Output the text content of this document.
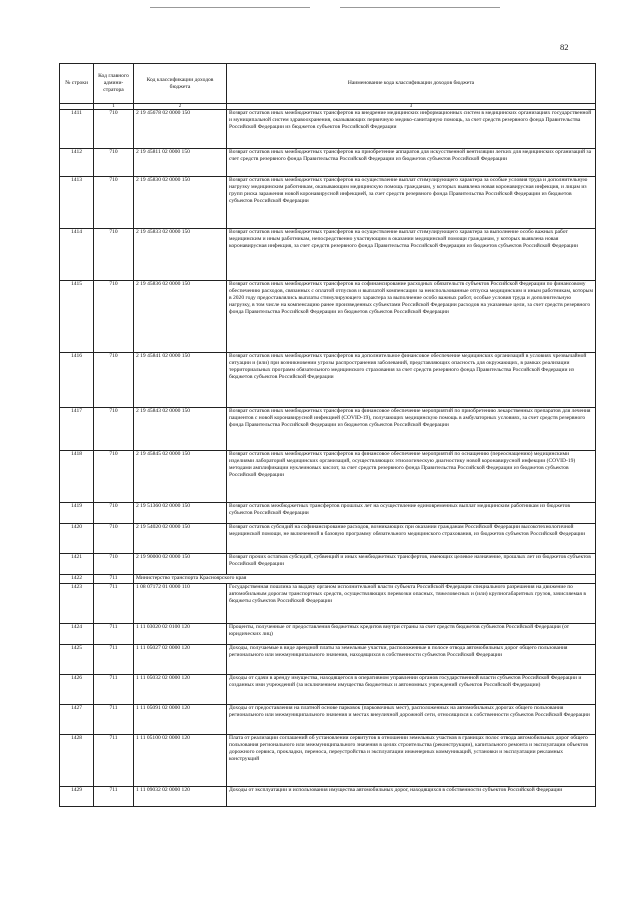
82
№ строки	Код главного админи-стратора	Код классификации доходов бюджета	Наименование кода классификации доходов бюджета
	1	2	3
1411	710	2 19 45678 02 0000 150	Возврат остатков иных межбюджетных трансфертов на внедрение медицинских информационных систем в медицинских организациях государственной и муниципальной систем здравоохранения, оказывающих первичную медико-санитарную помощь, за счет средств резервного фонда Правительства Российской Федерации из бюджетов субъектов Российской Федерации
1412	710	2 19 45811 02 0000 150	Возврат остатков иных межбюджетных трансфертов на приобретение аппаратов для искусственной вентиляции легких для медицинских организаций за счет средств резервного фонда Правительства Российской Федерации из бюджетов субъектов Российской Федерации
1413	710	2 19 45830 02 0000 150	Возврат остатков иных межбюджетных трансфертов на осуществление выплат стимулирующего характера за особые условия труда и дополнительную нагрузку медицинским работникам, оказывающим медицинскую помощь гражданам, у которых выявлена новая коронавирусная инфекция, и лицам из групп риска заражения новой коронавирусной инфекцией, за счет средств резервного фонда Правительства Российской Федерации из бюджетов субъектов Российской Федерации
1414	710	2 19 45833 02 0000 150	Возврат остатков иных межбюджетных трансфертов на осуществление выплат стимулирующего характера за выполнение особо важных работ медицинским и иным работникам, непосредственно участвующим в оказании медицинской помощи гражданам, у которых выявлена новая коронавирусная инфекция, за счет средств резервного фонда Правительства Российской Федерации из бюджетов субъектов Российской Федерации
1415	710	2 19 45836 02 0000 150	Возврат остатков иных межбюджетных трансфертов на софинансирование расходных обязательств субъектов Российской Федерации по финансовому обеспечению расходов, связанных с оплатой отпусков и выплатой компенсации за неиспользованные отпуска медицинским и иным работникам, которым в 2020 году предоставлялись выплаты стимулирующего характера за выполнение особо важных работ, особые условия труда и дополнительную нагрузку, в том числе на компенсацию ранее произведенных субъектами Российской Федерации расходов на указанные цели, за счет средств резервного фонда Правительства Российской Федерации из бюджетов субъектов Российской Федерации
1416	710	2 19 45841 02 0000 150	Возврат остатков иных межбюджетных трансфертов на дополнительное финансовое обеспечение медицинских организаций в условиях чрезвычайной ситуации и (или) при возникновении угрозы распространения заболеваний, представляющих опасность для окружающих, в рамках реализации территориальных программ обязательного медицинского страхования за счет средств резервного фонда Правительства Российской Федерации из бюджетов субъектов Российской Федерации
1417	710	2 19 45843 02 0000 150	Возврат остатков иных межбюджетных трансфертов на финансовое обеспечение мероприятий по приобретению лекарственных препаратов для лечения пациентов с новой коронавирусной инфекцией (COVID-19), получающих медицинскую помощь в амбулаторных условиях, за счет средств резервного фонда Правительства Российской Федерации из бюджетов субъектов Российской Федерации
1418	710	2 19 45845 02 0000 150	Возврат остатков иных межбюджетных трансфертов на финансовое обеспечение мероприятий по оснащению (переоснащению) медицинскими изделиями лабораторий медицинских организаций, осуществляющих этиологическую диагностику новой коронавирусной инфекции (COVID-19) методами амплификации нуклеиновых кислот, за счет средств резервного фонда Правительства Российской Федерации из бюджетов субъектов Российской Федерации
1419	710	2 19 51360 02 0000 150	Возврат остатков межбюджетных трансфертов прошлых лет на осуществление единовременных выплат медицинским работникам из бюджетов субъектов Российской Федерации
1420	710	2 19 54020 02 0000 150	Возврат остатков субсидий на софинансирование расходов, возникающих при оказании гражданам Российской Федерации высокотехнологичной медицинской помощи, не включенной в базовую программу обязательного медицинского страхования, из бюджетов субъектов Российской Федерации
1421	710	2 19 90000 02 0000 150	Возврат прочих остатков субсидий, субвенций и иных межбюджетных трансфертов, имеющих целевое назначение, прошлых лет из бюджетов субъектов Российской Федерации
1422	711	Министерство транспорта Красноярского края	
1423	711	1 08 07172 01 0000 110	Государственная пошлина за выдачу органом исполнительной власти субъекта Российской Федерации специального разрешения на движение по автомобильным дорогам транспортных средств, осуществляющих перевозки опасных, тяжеловесных и (или) крупногабаритных грузов, зачисляемая в бюджеты субъектов Российской Федерации
1424	711	1 11 03020 02 0100 120	Проценты, полученные от предоставления бюджетных кредитов внутри страны за счет средств бюджетов субъектов Российской Федерации (от юридических лиц)
1425	711	1 11 05027 02 0000 120	Доходы, получаемые в виде арендной платы за земельные участки, расположенные в полосе отвода автомобильных дорог общего пользования регионального или межмуниципального значения, находящихся в собственности субъектов Российской Федерации
1426	711	1 11 05032 02 0000 120	Доходы от сдачи в аренду имущества, находящегося в оперативном управлении органов государственной власти субъектов Российской Федерации и созданных ими учреждений (за исключением имущества бюджетных и автономных учреждений субъектов Российской Федерации)
1427	711	1 11 05091 02 0000 120	Доходы от предоставления на платной основе парковок (парковочных мест), расположенных на автомобильных дорогах общего пользования регионального или межмуниципального значения и местах внеуличной дорожной сети, относящихся к собственности субъектов Российской Федерации
1428	711	1 11 05100 02 0000 120	Плата от реализации соглашений об установлении сервитутов в отношении земельных участков в границах полос отвода автомобильных дорог общего пользования регионального или межмуниципального значения в целях строительства (реконструкции), капитального ремонта и эксплуатации объектов дорожного сервиса, прокладки, переноса, переустройства и эксплуатации инженерных коммуникаций, установки и эксплуатации рекламных конструкций
1429	711	1 11 09032 02 0000 120	Доходы от эксплуатации и использования имущества автомобильных дорог, находящихся в собственности субъектов Российской Федерации
